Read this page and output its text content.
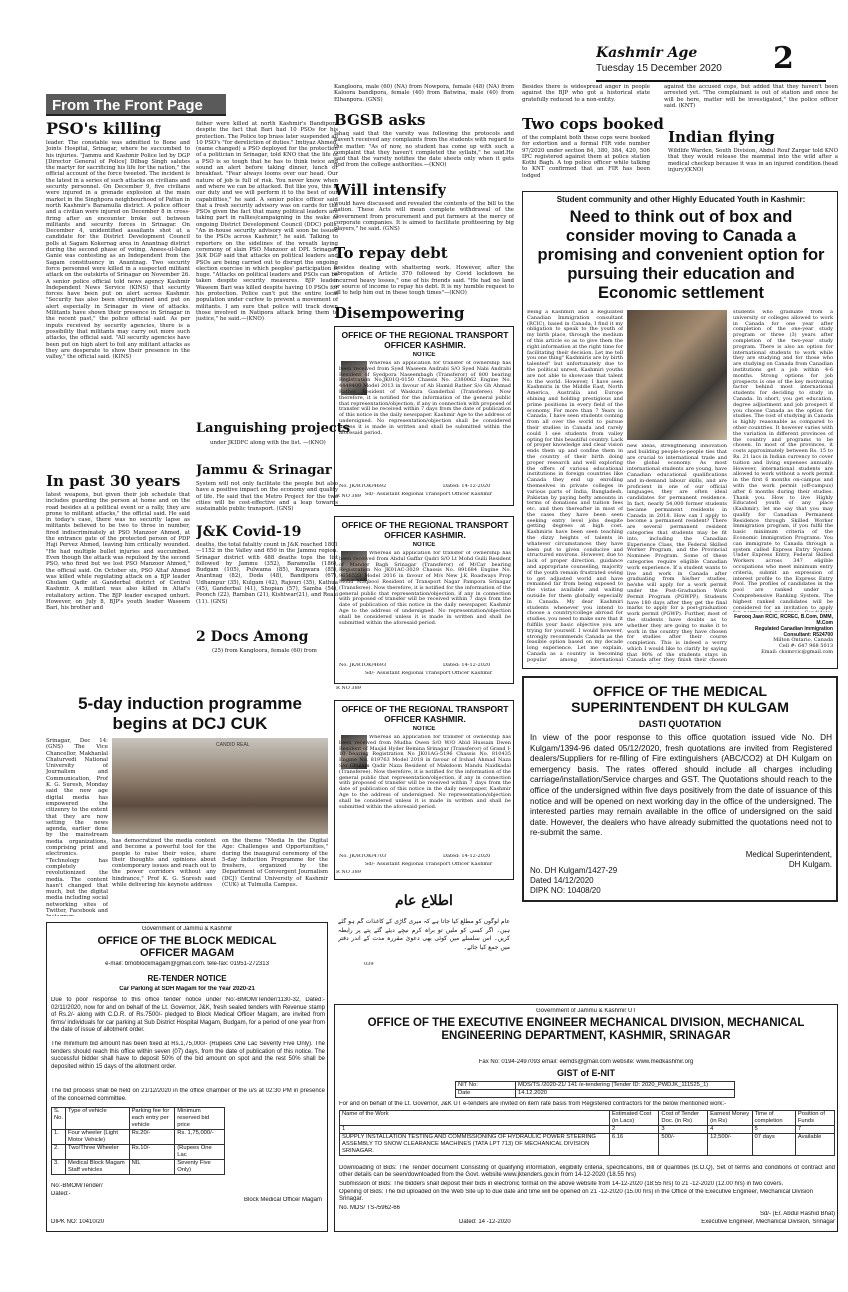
Kashmir Age
Tuesday 15 December 2020 2
From The Front Page
PSO's killing
leader. The constable was admitted to Bone and Joints Hospital, Srinagar, where he succumbed to his injuries. "Jammu and Kashmir Police led by DGP [Director General of Police] Dilbag Singh salutes the martyr for sacrificing his life for the nation," the official account of the force tweeted. The incident is the latest in a series of such attacks on civilians and security personnel. On December 9, five civilians were injured in a grenade explosion at the main market in the Singhpora neighbourhood of Pattan in north Kashmir's Baramulla district. A police officer and a civilian were injured on December 8 in cross-firing after an encounter broke out between militants and security forces in Srinagar. On December 4, unidentified assailants shot at a candidate for the District Development Council polls at Sagam Kokernag area in Anantnag district during the second phase of voting. Anees-ul-Islam Ganie was contesting as an Independent from the Sagam constituency in Anantnag. Two security force personnel were killed in a suspected militant attack on the outskirts of Srinagar on November 26. A senior police official told news agency Kashmir Independent News Service (KINS) that security forces have been put on alert across Kashmir. "Security has also been strengthened and put on alert especially in Srinagar in view of attacks. Militants have shown their presence in Srinagar in the recent past," the police official said. As per inputs received by security agencies, there is a possibility that militants may carry out more such attacks, the official said. "All security agencies have been put on high alert to foil any militant attacks as they are desperate to show their presence in the valley," the official said. (KINS)
In past 30 years
latest weapons, but given their job schedule that includes guarding the person at home and on the road besides at a political event or a rally, they are prone to militant attacks," the official said. He said in today's case, there was no security lapse as militants believed to be two to three in number, fired indiscriminately at PSO Manzoor Ahmed, at the entrance gate of the protected person of PDP Haji Pervez Ahmed, leaving him critically wounded. "He had multiple bullet injuries and succumbed. Even though the attack was repulsed by the second PSO, who fired but we lost PSO Manzoor Ahmed," the official said. On October six, PSO Altaf Ahmed was killed while regulating attack on a BJP leader Ghulam Qadir at Ganderbal district of Central Kashmir. A militant was also killed in Altaf's retaliatory action. The BJP leader escaped unhurt. However, on July 8, BJP's youth leader Waseem Bari, his brother and
father were killed at north Kashmir's Bandipora despite the fact that Bari had 10 PSOs for his protection. The Police top brass later suspended all 10 PSO's "for dereliction of duties." Imtiyaz Ahmed, (name changed) a PSO deployed for the protection of a politician in Srinagar, told KNO that the life of a PSO is so tough that he has to think twice and sound an alert before taking dinner, lunch or breakfast. "Fear always looms over our head. Our nature of job is full of risk. You never know when and where we can be attacked. But like you, this is our duty and we will perform it to the best of our capabilities," he said. A senior police officer said that a fresh security advisory was on cards for the PSOs given the fact that many political leaders are taking part in rallies/campaigning in the wake of ongoing District Development Council (DDC) polls. "An in-house security advisory will soon be issued to the PSOs across Kashmir," he said. Talking to reporters on the sidelines of the wreath laying ceremony of slain PSO Manzoor at DPL Srinagar, J&K DGP said that attacks on political leaders and PSOs are being carried out to disrupt the ongoing election exercise in which peoples' participation is huge. "Attacks on political leaders and PSOs can be taken despite security measures. BJP leader Waseem Bari was killed despite having 10 PSOs for his protection. Police can't put the entire local population under curfew to prevent a movement of militants. I am sure that police will track down those involved in Natipora attack bring them to justice," he said.—(KNO)
Languishing projects
under JKIDFC along with the list. —(KNO)
Jammu & Srinagar
System will not only facilitate the people but also have a positive impact on the economy and quality of life. He said that the Metro Project for the two cities will be cost-effective and a leap towards sustainable public transport. (GNS)
J&K Covid-19
deaths, the total fatality count in J&K reached 1801—1152 in the Valley and 650 in the Jammu region. Srinagar district with 488 deaths tops the list followed by Jammu (352), Baramulla (186), Budgam (105), Pulwama (85), Kupwara (85), Anantnag (82), Doda (48), Bandipora (67), Udhampur (35), Kulgam (42), Rajouri (35), Kathua (45), Ganderbal (41), Shopian (57), Samba (54), Poonch (22), Ramban (21), Kishtwar(21), and Reasi (11). (GNS)
2 Docs Among
(25) from Kangloora, female (60) from
Kangloora, male (60) (NA) from Nowpora, female (48) (NA) from Kaloora bandipora, female (40) from Batwina, male (40) from Elhanpora. (GNS)
BGSB asks
Ishaq said that the varsity was following the protocols and haven't received any complaints from the students with regard to the matter. "As of now, no student has come up with such a complaint that they haven't completed the syllabi," he said.He said that the varsity notifies the date sheets only when it gets nod from the college authorities.—(KNO)
Will intensify
would have discussed and revealed the contents of the bill to the nation. These Acts will mean complete withdrawal of the Government from procurement and put farmers at the mercy of corporate companies. It is aimed to facilitate profiteering by big players," he said. (GNS)
To repay debt
besides dealing with shattering work. However, after the abrogation of Article 370 followed by Covid lockdown he incurred heavy losses," one of his friends said. "He had no land or source of income to repay his debt. It is my humble request to all to help him out in these tough times"—(KNO)
Disempowering
OFFICE OF THE REGIONAL TRANSPORT OFFICER KASHMIR.
NOTICE
Whereas an application for transfer of ownership has been received from Syed Waseem Andrabi S/O Syed Nabi Andrabi Resident of Syedpora Naseembagh (Transferor) of 800 bearing Registration No.JK01Q-0150 Chassis No. 2380062 Engine No. 4449400 Model 2013 in favour of Ab Hamid Rather S/o Gh Ahmad Rather Resident of Waskura Ganderbal (Transferee). Now therefore, it is notified for the information of the general public that representation/objection, if any in connection with proposed of transfer will be received within 7 days from the date of publication of this notice in the daily newspaper. Kashmir Age to the address of undersigned. No representation/objection shall be considered unless it is made in written and shall be submitted within the aforesaid period.
No. JK/RTOK/4692	Dated: 14-12-2020
Sd/- Assistant Regional Transport Officer Kashmir
R NO 389
OFFICE OF THE REGIONAL TRANSPORT OFFICER KASHMIR.
NOTICE
Whereas an application for transfer of ownership has been received from Abdul Gaffar Qadri S/O Lt Mohd Gulli Resident of Mander Bagh Srinagar (Transferor) of M/Car bearing Registration No JK01AC-3029 Chassis No. 891684 Engine No. 9656523 Model 2016 in favour of M/s New J.K Roadways Prop Mohd Maqbool Resident of Transport Nagar Pampora Srinagar (Transferee). Now therefore, it is notified for the information of the general public that representation/objection, if any in connection with proposed of transfer will be received within 7 days from the date of publication of this notice in the daily newspaper, Kashmir Age to the address of undersigned. No representation/objection shall be considered unless it is made in written and shall be submitted within the aforesaid period.
No. JK/RTOK/4693	Dated: 14-12-2020
Sd/- Assistant Regional Transport Officer Kashmir
R NO 389
OFFICE OF THE REGIONAL TRANSPORT OFFICER KASHMIR.
NOTICE
Whereas an application for transfer of ownership has been received from Mudha Owen S/O W/O Abid Hussain Dwen Resident of Masjid Hyder Bemina Srinagar (Transferor) of Grand I-10 bearing Registration No JK01AG-5196 Chassis No. 810435 Engine No. 819763 Model 2018 in favour of Irshad Ahmad Naza S/o Ghulam Qadir Naza Resident of Makdoom Mandu Naidkadal (Transferee). Now therefore, it is notified for the information of the general public that representation/objection, if any in connection with proposed of transfer will be received within 7 days from the date of publication of this notice in the daily newspaper, Kashmir Age to the address of undersigned. No representation/objection shall be considered unless it is made in written and shall be submitted within the aforesaid period.
No. JK/RTOK/4703	Dated: 14-12-2020
Sd/- Assistant Regional Transport Officer Kashmir
R NO 389
Besides there is widespread anger in people against the BJP who got a historical state gratefully reduced to a non-entity.
Two cops booked
of the complaint both these cops were booked for extortion and a formal FIR vide number 97/2020 under section 84, 380, 384, 420, 506 IPC registered against them at police station Kothi Bagh. A top police officer while talking to KNT confirmed that an FIR has been lodged
against the accused cops, but added that they haven't been arrested yet. "The complainant is out of station and once he will be here, matter will be investigated," the police officer said. (KNT)
Indian flying
Wildlife Warden, South Division, Abdul Rouf Zargar told KNO that they would release the mammal into the wild after a medical checkup because it was in an injured condition.(head injury)(KNO)
Student community and other Highly Educated Youth in Kashmir:
Need to think out of box and consider moving to Canada a promising and convenient option for pursuing their education and Economic settlement
Being a Kashmiri and a Regulated Canadian Immigration consultant (RCIC), based in Canada, I find it my obligation to speak to the youth of my birth place, through the medium of this article so as to give them the right information at the right time for facilitating their decision. Let me tell you one thing" Kashmiris are by birth talented" but unfortunately due to the political unrest, Kashmiri youths are not able to showcase that talent to the world. However, I have seen Kashmiris in the Middle East, North America, Australia and Europe shining and holding prestigious and prime positions in every field of the economy. For more than 7 Years in Canada, I have seen students coming from all over the world to pursue their studies in Canada and rarely could I see students from valley opting for this beautiful country. Lack of proper knowledge and clear vision ends them up and confine them in the country of their birth doing proper research and well exploring the offers of various educational institutions in foreign countries like Canada they end up enrolling themselves in private colleges in various parts of India, Bangladesh, Pakistan by paying hefty amounts in terms of donations and tuition fees etc. and then thereafter in most of the cases they have been seen seeking entry level jobs despite getting degrees at high cost. Kashmiris have been seen teaching the dizzy heights of talents in whatever circumstances they have been put to given conducive and structured environs. However, due to lack of proper direction, guidance and appropriate counseling, majority of the youth remain frustrated owing to get adjusted world and have remained far from being exposed to the vistas available and waiting outside for them globally especially in Canada. My dear Kashmiri students whenever you intend to choose a country/college abroad for studies, you need to make sure that it fulfills your basic objective you are trying for yourself. I would however, strongly recommends Canada as the feasible option based on my decade long experience. Let me explain, Canada as a country is becoming popular among international
new ideas, strengthening innovation and building people-to-people ties that are crucial to international trade and the global economy. As most international students are young, have Canadian educational qualifications and in-demand labour skills, and are proficient in one of our official languages, they are often ideal candidates for permanent residence. In fact, nearly 54,000 former students became permanent residents in Canada in 2018. How can I apply to become a permanent resident? There are several permanent resident categories that students may be fit into, including the Canadian Experience Class, the Federal Skilled Worker Program, and the Provincial Nominee Program. Some of these categories require eligible Canadian work experience. If a student wants to live and work in Canada after graduating from his/her studies, he/she will apply for a work permit under the Post-Graduation Work Permit Program (PGWPP). Students have 180 days after they get the final marks to apply for a post-graduation work permit (PGWP). Further, most of the students have doubts as to whether they are going to make it to work in the country they have chosen for studies after their course completion. This is indeed a worry which I would like to clarify by saying that 90% of the students stays in Canada after they finish their chosen
students who graduate from a university or colleges allowed to work in Canada for one year after completion of the one-year study program or three (3) years after completion of the two-year study program. There is also an option for international students to work while they are studying and for those who are studying on Canada from Canadian institutions get a job within 4-6 months. Strong options for job prospects is one of the key motivating factor behind most international students for deciding to study in Canada. In short, you get education, degree adjustment and job prospect if you choose Canada as the option for studies. The cost of studying in Canada is highly reasonable as compared to other countries. It however varies with the variation in different provinces of the country and programs to be chosen. In most of the provinces, it costs approximately between Rs. 15 to Rs. 21 lacs in Indian currency to cover tuition and living expenses annually. However, international students are allowed to work without a work permit in the first 6 months on-campus and with the work permit (off-campus) after 6 months during their studies. Thank you. How to live Highly Educated youth of any place (Kashmir), let me say that you may qualify for Canadian Permanent Residence through Skilled Worker Immigration program, if you fulfil the basic minimum criteria of the Economic Immigration Programs. You can immigrate to Canada through a system called Express Entry System. Under Express Entry, Federal Skilled Workers across 347 eligible occupations who meet minimum entry criteria, submit an expression of interest profile to the Express Entry Pool. The profiles of candidates in the pool are ranked under a Comprehensive Ranking System. The highest ranked candidates will be considered for an invitation to apply
Farooq Jaan RCIC, RCREC, B.Com, DMM, M.Com
Regulated Canadian Immigration Consultant: R524700
Milton Ontario, Canada
Cell #: 647 968 5013
Email: cksmrcic@gmail.com
5-day induction programme begins at DCJ CUK
Srinagar, Dec 14: (GNS) The Vice Chancellor, Makhanlal Chaturvedi National University of Journalism and Communication, Prof K. G. Suresh, Monday said the new age digital media has empowered the citizenry to the extent that they are now setting the news agenda, earlier done by the mainstream media organizations, comprising print and electronics. "Technology has completely revolutionized the media. The content hasn't changed that much, but the digital media including social networking sites of Twitter, Facebook and
CANDID REAL
has democratized the media content and become a powerful tool for the people to raise their voice, share their thoughts and opinions about contemporary issues and reach out to the power corridors without any hindrance," Prof K. G. Suresh said while delivering his keynote address
on the theme "Media In the Digital Age: Challenges and Opportunities," during the inaugural ceremony of the 5-day Induction Programme for the freshers, organized by the Department of Convergent Journalism (DCJ) Central University of Kashmir (CUK) at Tulmulla Campus.
Government of Jammu & Kashmir
OFFICE OF THE BLOCK MEDICAL OFFICER MAGAM
e-mail: bmoblockmagam@gmail.com. tele-fax: 01951-272313
RE-TENDER NOTICE
Car Parking at SDH Magam for the Year 2020-21
Due to poor response to this office tender notice under No:-BMOM/Tender/1130-32, Dated:- 02/11/2020, now for and on behalf of the Lt. Governor, J&K, fresh sealed tenders with Revenue stamp of Rs.2/- along with C.D.R. of Rs.7500/- pledged to Block Medical Officer Magam, are invited from firms/ individuals for car parking at Sub District Hospital Magam, Budgam, for a period of one year from the date of issue of allotment order.
The minimum bid amount has been fixed at Rs.1,75,000/- (Rupees One Lac Seventy Five Only). The tenders should reach this office within seven (07) days, from the date of publication of this notice. The successful bidder shall have to deposit 50% of the bid amount on spot and the rest 50% shall be deposited within 15 days of the allotment order.
The bid process shall be held on 21/12/2020 in the office chamber of the u/s at 02:30 PM in presence of the concerned committee.
S. No.	Type of vehicle	Parking fee for each entry per vehicle	Minimum reserved bid price
1.	Four wheeler (Light Motor Vehicle)	Rs.20/-	Rs. 1,75,000/-
2.	Two/Three Wheeler	Rs.10/-	(Rupees One Lac
3.	Medical Block Magam Staff vehicles	NIL	Seventy Five Only)
No:-BMOM/Tender/
Dated:-
Block Medical Officer Magam
DIPK NO: 10410/20
اطلاع عام
عام لوگوں کو مطلع کیا جاتا ہے کہ میری گاڑی کے کاغذات گم ہو گئے ہیں۔ اگر کسی کو ملیں تو براہ کرم نیچے دیئے گئے پتے پر رابطہ کریں۔ اس سلسلے میں کوئی بھی دعویٰ مقررہ مدت کے اندر دفتر میں جمع کیا جائے۔
039
OFFICE OF THE MEDICAL SUPERINTENDENT DH KULGAM
DASTI QUOTATION
In view of the poor response to this office quotation issued vide No. DH Kulgam/1394-96 dated 05/12/2020, fresh quotations are invited from Registered dealers/Suppliers for re-filling of Fire extinguishers (ABC/CO2) at DH Kulgam on emergency basis. The rates offered should include all charges including carriage/installation/Service charges and GST. The Quotations should reach to the office of the undersigned within five days positively from the date of issuance of this notice and will be opened on next working day in the office of the undersigned. The interested parties may remain available in the office of undersigned on the said date. However, the dealers who have already submitted the quotations need not to re-submit the same.
Medical Superintendent,
DH Kulgam.
No. DH Kulgam/1427-29
Dated 14/12/2020
DIPK NO: 10408/20
Government of Jammu & Kashmir UT
OFFICE OF THE EXECUTIVE ENGINEER MECHANICAL DIVISION, MECHANICAL ENGINEERING DEPARTMENT, KASHMIR, SRINAGAR
Fax No: 0194-2497093 email: eemds@gmail.com website: www.medkashmir.org
GIST of E-NIT
NIT No:	MDS/TS /2020-21/ 141 /e-tendering (Tender ID: 2020_PWDJK_111525_1)
Date	14.12.2020
For and on behalf of the Lt. Governor, J&K UT e-tenders are invited on item rate basis from Registered contractors for the below mentioned work:-
Name of the Work	Estimated Cost (in Lacs)	Cost of Tender Doc. (in Rs)	Earnest Money (in Rs)	Time of completion	Position of Funds
1	2	3	4	5	7
SUPPLY INSTALLATION TESTING AND COMMISSIONING OF HYDRAULIC POWER STEERING ASSEMBLY TO SNOW CLEARANCE MACHINES (TATA LPT 713) OF MECHANICAL DIVISION SRINAGAR.	6.16	500/-	12,500/-	07 days	Available
Downloading of Bids: The Tender document Consisting of qualifying information, eligibility criteria, specifications, Bill of quantities (B.O.Q), Set of terms and conditions of contract and other details can be seen/downloaded from the Govt. website www.jktenders.gov.in from 14-12-2020 (18.55 hrs)
Submission of Bids: The bidders shall deposit their bids in electronic format on the above website from 14-12-2020 (18:55 hrs) to 21 -12-2020 (12.00 hrs) in two covers.
Opening of Bids: The bid uploaded on the Web Site up to due date and time will be opened on 21 -12-2020 (15.00 hrs) in the Office of the Executive Engineer, Mechanical Division Srinagar.
No. MDS/ TS-/5962-66
Dated: 14 -12-2020
Sd/- (Er. Abdul Rashid Bhat)
Executive Engineer, Mechanical Division, Srinagar
